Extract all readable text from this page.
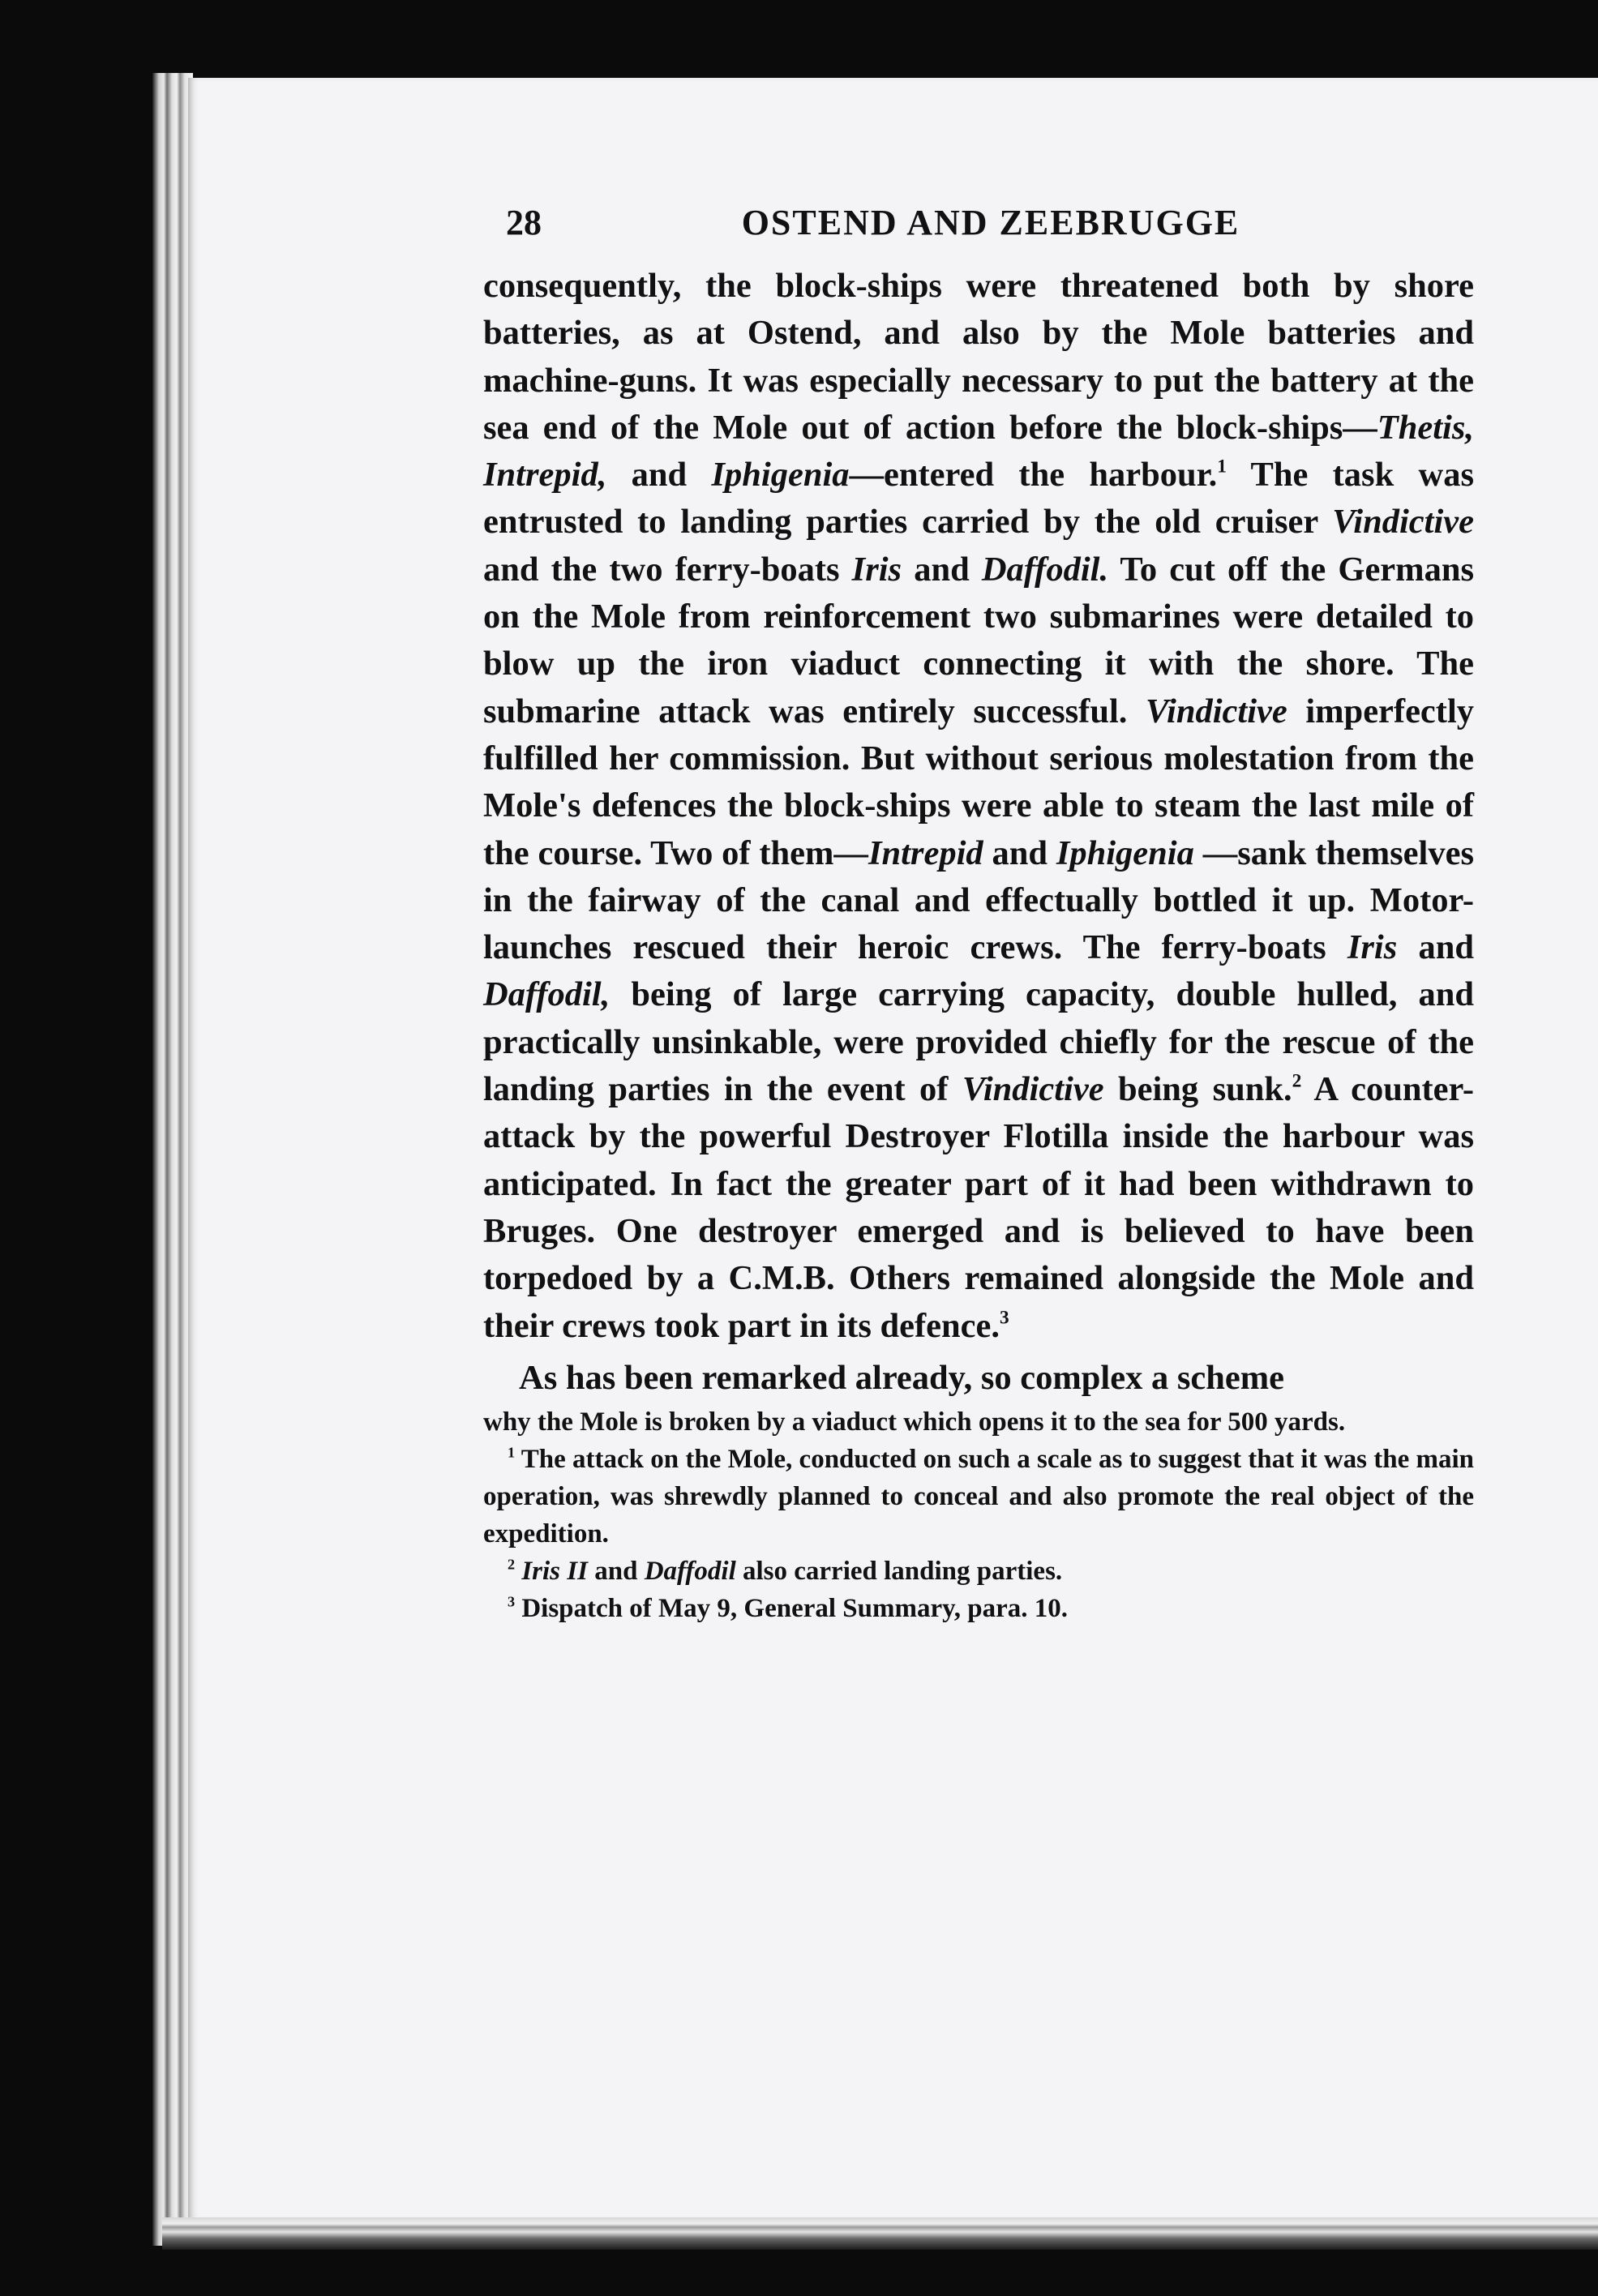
28	OSTEND AND ZEEBRUGGE

consequently, the block-ships were threatened both by shore batteries, as at Ostend, and also by the Mole batteries and machine-guns. It was especially necessary to put the battery at the sea end of the Mole out of action before the block-ships—Thetis, Intrepid, and Iphigenia—entered the harbour.$^1$ The task was entrusted to landing parties carried by the old cruiser Vindictive and the two ferry-boats Iris and Daffodil. To cut off the Germans on the Mole from reinforcement two submarines were detailed to blow up the iron viaduct connecting it with the shore. The submarine attack was entirely successful. Vindictive imperfectly fulfilled her commission. But without serious molestation from the Mole's defences the block-ships were able to steam the last mile of the course. Two of them—Intrepid and Iphigenia —sank themselves in the fairway of the canal and effectually bottled it up. Motor-launches rescued their heroic crews. The ferry-boats Iris and Daffodil, being of large carrying capacity, double hulled, and practically unsinkable, were provided chiefly for the rescue of the landing parties in the event of Vindictive being sunk.$^2$ A counter-attack by the powerful Destroyer Flotilla inside the harbour was anticipated. In fact the greater part of it had been withdrawn to Bruges. One destroyer emerged and is believed to have been torpedoed by a C.M.B. Others remained alongside the Mole and their crews took part in its defence.$^3$

As has been remarked already, so complex a scheme

why the Mole is broken by a viaduct which opens it to the sea for 500 yards.

$^1$ The attack on the Mole, conducted on such a scale as to suggest that it was the main operation, was shrewdly planned to conceal and also promote the real object of the expedition.

$^2$ Iris II and Daffodil also carried landing parties.

$^3$ Dispatch of May 9, General Summary, para. 10.
